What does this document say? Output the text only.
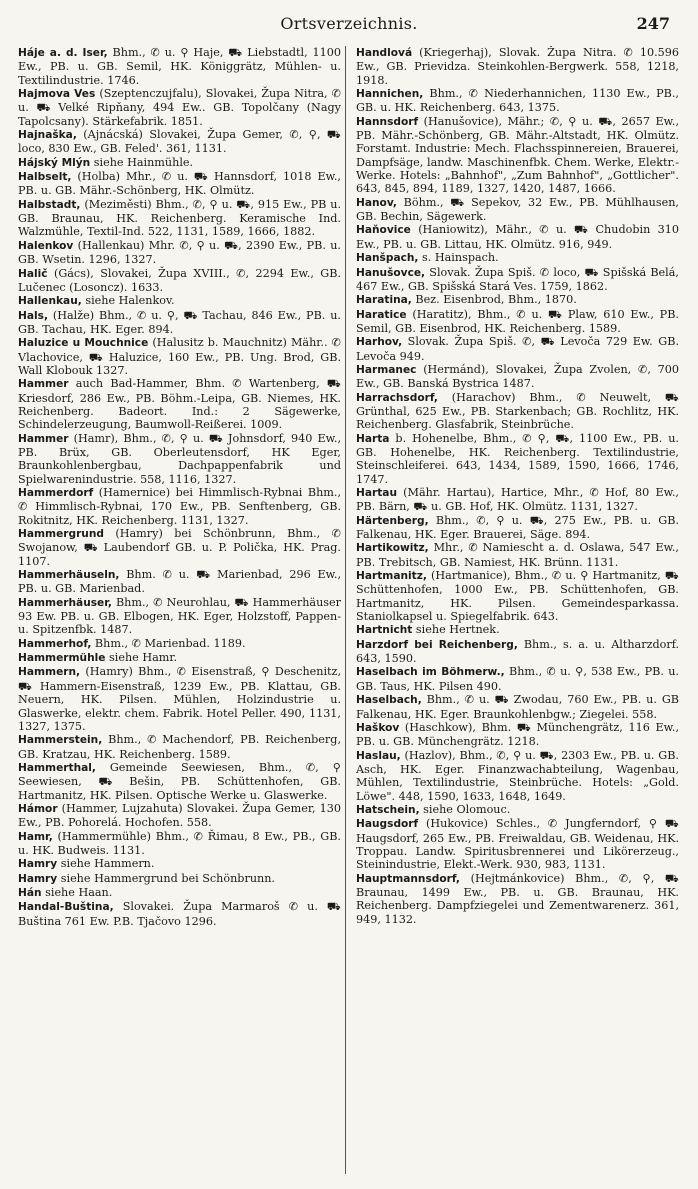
Ortsverzeichnis.	247

Háje a. d. Iser, Bhm., ✆ u. ⚲ Haje, ⛟ Liebstadtl, 1100 Ew., PB. u. GB. Semil, HK. Königgrätz, Mühlen- u. Textilindustrie. 1746.

Hajmova Ves (Szeptenczujfalu), Slovakei, Župa Nitra, ✆ u. ⛟ Velké Ripňany, 494 Ew.. GB. Topolčany (Nagy Tapolcsany). Stärkefabrik. 1851.

Hajnaška, (Ajnácská) Slovakei, Župa Gemer, ✆, ⚲, ⛟ loco, 830 Ew., GB. Feled'. 361, 1131.

Hájský Mlýn siehe Hainmühle.

Halbselt, (Holba) Mhr., ✆ u. ⛟ Hannsdorf, 1018 Ew., PB. u. GB. Mähr.-Schönberg, HK. Olmütz.

Halbstadt, (Meziměsti) Bhm., ✆, ⚲ u. ⛟, 915 Ew., PB u. GB. Braunau, HK. Reichenberg. Keramische Ind. Walzmühle, Textil-Ind. 522, 1131, 1589, 1666, 1882.

Halenkov (Hallenkau) Mhr. ✆, ⚲ u. ⛟, 2390 Ew., PB. u. GB. Wsetin. 1296, 1327.

Halič (Gács), Slovakei, Župa XVIII., ✆, 2294 Ew., GB. Lučenec (Losoncz). 1633.

Hallenkau, siehe Halenkov.

Hals, (Halže) Bhm., ✆ u. ⚲, ⛟ Tachau, 846 Ew., PB. u. GB. Tachau, HK. Eger. 894.

Haluzice u Mouchnice (Halusitz b. Mauchnitz) Mähr.. ✆ Vlachovice, ⛟ Haluzice, 160 Ew., PB. Ung. Brod, GB. Wall Klobouk 1327.

Hammer auch Bad-Hammer, Bhm. ✆ Wartenberg, ⛟ Kriesdorf, 286 Ew., PB. Böhm.-Leipa, GB. Niemes, HK. Reichenberg. Badeort. Ind.: 2 Sägewerke, Schindelerzeugung, Baumwoll-Reißerei. 1009.

Hammer (Hamr), Bhm., ✆, ⚲ u. ⛟ Johnsdorf, 940 Ew., PB. Brüx, GB. Oberleutensdorf, HK Eger, Braunkohlenbergbau, Dachpappenfabrik und Spielwarenindustrie. 558, 1116, 1327.

Hammerdorf (Hamernice) bei Himmlisch-Rybnai Bhm., ✆ Himmlisch-Rybnai, 170 Ew., PB. Senftenberg, GB. Rokitnitz, HK. Reichenberg. 1131, 1327.

Hammergrund (Hamry) bei Schönbrunn, Bhm., ✆ Swojanow, ⛟ Laubendorf GB. u. P. Polička, HK. Prag. 1107.

Hammerhäuseln, Bhm. ✆ u. ⛟ Marienbad, 296 Ew., PB. u. GB. Marienbad.

Hammerhäuser, Bhm., ✆ Neurohlau, ⛟ Hammerhäuser 93 Ew. PB. u. GB. Elbogen, HK. Eger, Holzstoff, Pappen- u. Spitzenfbk. 1487.

Hammerhof, Bhm., ✆ Marienbad. 1189.

Hammermühle siehe Hamr.

Hammern, (Hamry) Bhm., ✆ Eisenstraß, ⚲ Deschenitz, ⛟ Hammern-Eisenstraß, 1239 Ew., PB. Klattau, GB. Neuern, HK. Pilsen. Mühlen, Holzindustrie u. Glaswerke, elektr. chem. Fabrik. Hotel Peller. 490, 1131, 1327, 1375.

Hammerstein, Bhm., ✆ Machendorf, PB. Reichenberg, GB. Kratzau, HK. Reichenberg. 1589.

Hammerthal, Gemeinde Seewiesen, Bhm., ✆, ⚲ Seewiesen, ⛟ Bešin, PB. Schüttenhofen, GB. Hartmanitz, HK. Pilsen. Optische Werke u. Glaswerke.

Hámor (Hammer, Lujzahuta) Slovakei. Župa Gemer, 130 Ew., PB. Pohorelá. Hochofen. 558.

Hamr, (Hammermühle) Bhm., ✆ Řimau, 8 Ew., PB., GB. u. HK. Budweis. 1131.

Hamry siehe Hammern.

Hamry siehe Hammergrund bei Schönbrunn.

Hán siehe Haan.

Handal-Buština, Slovakei. Župa Marmaroš ✆ u. ⛟ Buština 761 Ew. P.B. Tjačovo 1296.

Handlová (Kriegerhaj), Slovak. Župa Nitra. ✆ 10.596 Ew., GB. Prievidza. Steinkohlen-Bergwerk. 558, 1218, 1918.

Hannichen, Bhm., ✆ Niederhannichen, 1130 Ew., PB., GB. u. HK. Reichenberg. 643, 1375.

Hannsdorf (Hanušovice), Mähr.; ✆, ⚲ u. ⛟, 2657 Ew., PB. Mähr.-Schönberg, GB. Mähr.-Altstadt, HK. Olmütz. Forstamt. Industrie: Mech. Flachsspinnereien, Brauerei, Dampfsäge, landw. Maschinenfbk. Chem. Werke, Elektr.-Werke. Hotels: „Bahnhof", „Zum Bahnhof", „Gottlicher". 643, 845, 894, 1189, 1327, 1420, 1487, 1666.

Hanov, Böhm., ⛟ Sepekov, 32 Ew., PB. Mühlhausen, GB. Bechin, Sägewerk.

Haňovice (Haniowitz), Mähr., ✆ u. ⛟ Chudobin 310 Ew., PB. u. GB. Littau, HK. Olmütz. 916, 949.

Hanšpach, s. Hainspach.

Hanušovce, Slovak. Župa Spiš. ✆ loco, ⛟ Spišská Belá, 467 Ew., GB. Spišská Stará Ves. 1759, 1862.

Haratina, Bez. Eisenbrod, Bhm., 1870.

Haratice (Haratitz), Bhm., ✆ u. ⛟ Plaw, 610 Ew., PB. Semil, GB. Eisenbrod, HK. Reichenberg. 1589.

Harhov, Slovak. Župa Spiš. ✆, ⛟ Levoča 729 Ew. GB. Levoča 949.

Harmanec (Hermánd), Slovakei, Župa Zvolen, ✆, 700 Ew., GB. Banská Bystrica 1487.

Harrachsdorf, (Harachov) Bhm., ✆ Neuwelt, ⛟ Grünthal, 625 Ew., PB. Starkenbach; GB. Rochlitz, HK. Reichenberg. Glasfabrik, Steinbrüche.

Harta b. Hohenelbe, Bhm., ✆ ⚲, ⛟, 1100 Ew., PB. u. GB. Hohenelbe, HK. Reichenberg. Textilindustrie, Steinschleiferei. 643, 1434, 1589, 1590, 1666, 1746, 1747.

Hartau (Mähr. Hartau), Hartice, Mhr., ✆ Hof, 80 Ew., PB. Bärn, ⛟ u. GB. Hof, HK. Olmütz. 1131, 1327.

Härtenberg, Bhm., ✆, ⚲ u. ⛟, 275 Ew., PB. u. GB. Falkenau, HK. Eger. Brauerei, Säge. 894.

Hartikowitz, Mhr., ✆ Namiescht a. d. Oslawa, 547 Ew., PB. Trebitsch, GB. Namiest, HK. Brünn. 1131.

Hartmanitz, (Hartmanice), Bhm., ✆ u. ⚲ Hartmanitz, ⛟ Schüttenhofen, 1000 Ew., PB. Schüttenhofen, GB. Hartmanitz, HK. Pilsen. Gemeindesparkassa. Staniolkapsel u. Spiegelfabrik. 643.

Hartnicht siehe Hertnek.

Harzdorf bei Reichenberg, Bhm., s. a. u. Altharzdorf. 643, 1590.

Haselbach im Böhmerw., Bhm., ✆ u. ⚲, 538 Ew., PB. u. GB. Taus, HK. Pilsen 490.

Haselbach, Bhm., ✆ u. ⛟ Zwodau, 760 Ew., PB. u. GB Falkenau, HK. Eger. Braunkohlenbgw.; Ziegelei. 558.

Haškov (Haschkow), Bhm. ⛟ Münchengrätz, 116 Ew., PB. u. GB. Münchengrätz. 1218.

Haslau, (Hazlov), Bhm., ✆, ⚲ u. ⛟, 2303 Ew., PB. u. GB. Asch, HK. Eger. Finanzwachabteilung, Wagenbau, Mühlen, Textilindustrie, Steinbrüche. Hotels: „Gold. Löwe". 448, 1590, 1633, 1648, 1649.

Hatschein, siehe Olomouc.

Haugsdorf (Hukovice) Schles., ✆ Jungferndorf, ⚲ ⛟ Haugsdorf, 265 Ew., PB. Freiwaldau, GB. Weidenau, HK. Troppau. Landw. Spiritusbrennerei und Likörerzeug., Steinindustrie, Elekt.-Werk. 930, 983, 1131.

Hauptmannsdorf, (Hejtmánkovice) Bhm., ✆, ⚲, ⛟ Braunau, 1499 Ew., PB. u. GB. Braunau, HK. Reichenberg. Dampfziegelei und Zementwarenerz. 361, 949, 1132.
